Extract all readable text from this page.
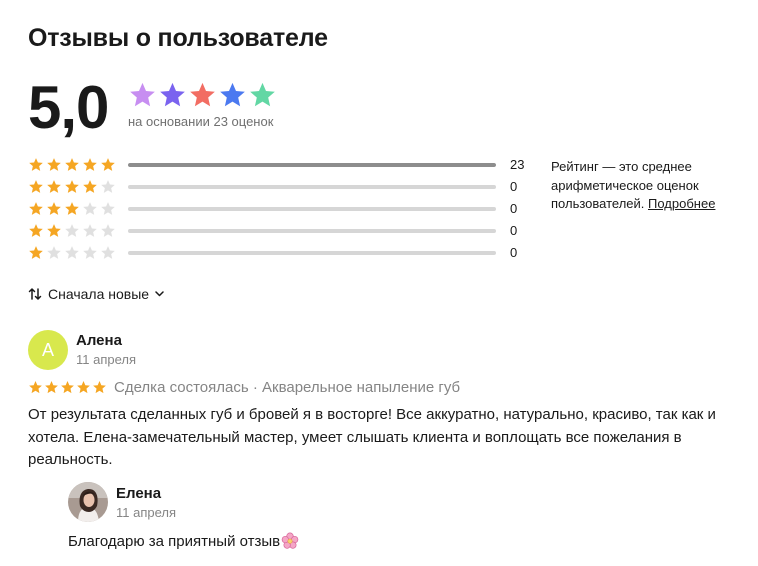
Отзывы о пользователе
5,0 на основании 23 оценок
23
0
0
0
0
Рейтинг — это среднее арифметическое оценок пользователей. Подробнее
Сначала новые
А	Алена
11 апреля
Сделка состоялась · Акварельное напыление губ
От результата сделанных губ и бровей я в восторге! Все аккуратно, натурально, красиво, так как и хотела. Елена-замечательный мастер, умеет слышать клиента и воплощать все пожелания в реальность.
Елена
11 апреля
Благодарю за приятный отзыв
